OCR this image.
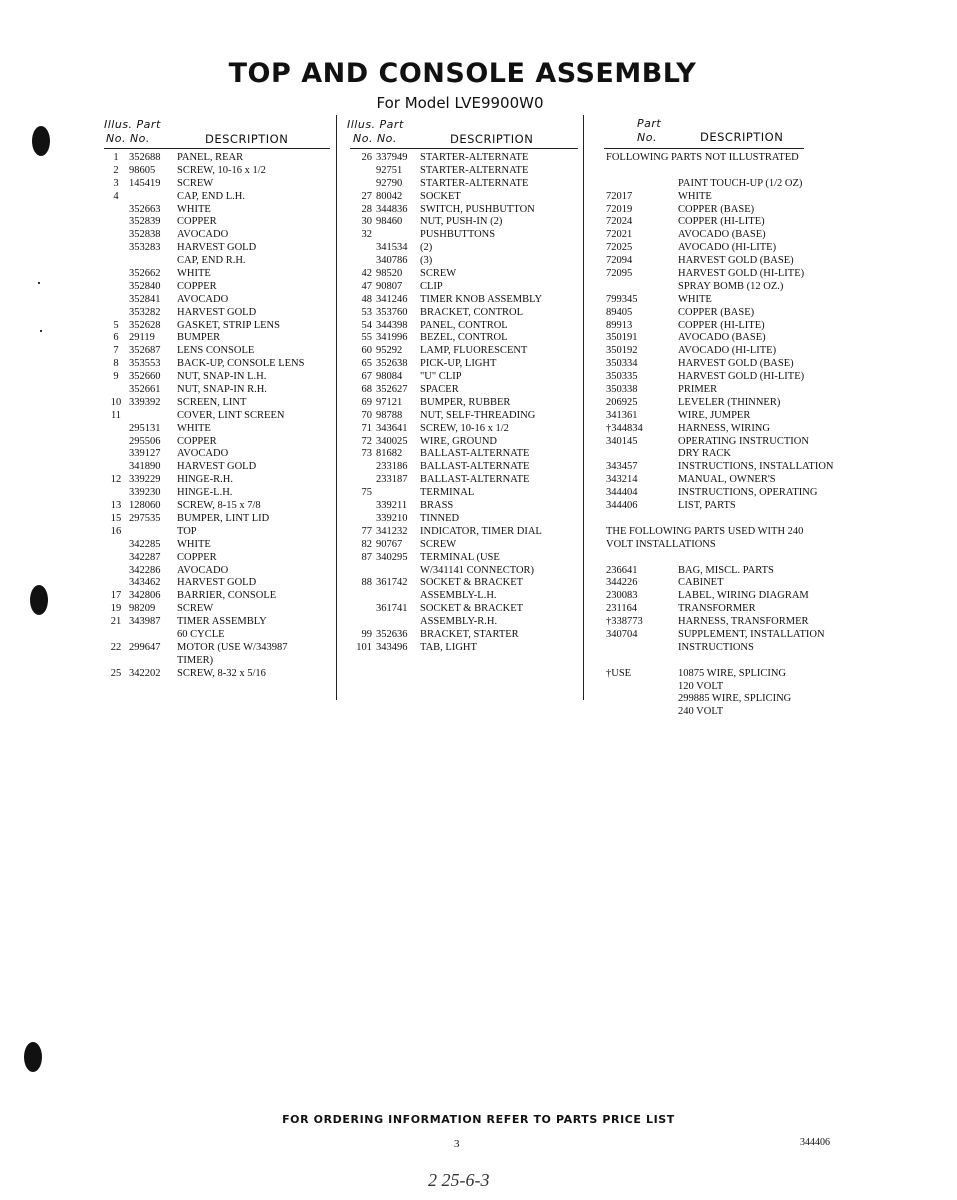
TOP AND CONSOLE ASSEMBLY
For Model LVE9900W0
Illus. Part
No. No.	DESCRIPTION
Illus. Part
No. No.	DESCRIPTION
Part
No.	DESCRIPTION
1 352688 PANEL, REAR
2 98605 SCREW, 10-16 x 1/2
3 145419 SCREW
4	CAP, END L.H.
352663 WHITE
352839 COPPER
352838 AVOCADO
353283 HARVEST GOLD
CAP, END R.H.
352662 WHITE
352840 COPPER
352841 AVOCADO
353282 HARVEST GOLD
5 352628 GASKET, STRIP LENS
6 29119 BUMPER
7 352687 LENS CONSOLE
8 353553 BACK-UP, CONSOLE LENS
9 352660 NUT, SNAP-IN L.H.
352661 NUT, SNAP-IN R.H.
10 339392 SCREEN, LINT
11	COVER, LINT SCREEN
295131 WHITE
295506 COPPER
339127 AVOCADO
341890 HARVEST GOLD
12 339229 HINGE-R.H.
339230 HINGE-L.H.
13 128060 SCREW, 8-15 x 7/8
15 297535 BUMPER, LINT LID
16	TOP
342285 WHITE
342287 COPPER
342286 AVOCADO
343462 HARVEST GOLD
17 342806 BARRIER, CONSOLE
19 98209 SCREW
21 343987 TIMER ASSEMBLY
60 CYCLE
22 299647 MOTOR (USE W/343987
TIMER)
25 342202 SCREW, 8-32 x 5/16
26 337949 STARTER-ALTERNATE
92751 STARTER-ALTERNATE
92790 STARTER-ALTERNATE
27 80042 SOCKET
28 344836 SWITCH, PUSHBUTTON
30 98460 NUT, PUSH-IN (2)
32	PUSHBUTTONS
341534 (2)
340786 (3)
42 98520 SCREW
47 90807 CLIP
48 341246 TIMER KNOB ASSEMBLY
53 353760 BRACKET, CONTROL
54 344398 PANEL, CONTROL
55 341996 BEZEL, CONTROL
60 95292 LAMP, FLUORESCENT
65 352638 PICK-UP, LIGHT
67 98084 "U" CLIP
68 352627 SPACER
69 97121 BUMPER, RUBBER
70 98788 NUT, SELF-THREADING
71 343641 SCREW, 10-16 x 1/2
72 340025 WIRE, GROUND
73 81682 BALLAST-ALTERNATE
233186 BALLAST-ALTERNATE
233187 BALLAST-ALTERNATE
75	TERMINAL
339211 BRASS
339210 TINNED
77 341232 INDICATOR, TIMER DIAL
82 90767 SCREW
87 340295 TERMINAL (USE
W/341141 CONNECTOR)
88 361742 SOCKET & BRACKET
ASSEMBLY-L.H.
361741 SOCKET & BRACKET
ASSEMBLY-R.H.
99 352636 BRACKET, STARTER
101 343496 TAB, LIGHT
FOLLOWING PARTS NOT ILLUSTRATED
PAINT TOUCH-UP (1/2 OZ)
72017	WHITE
72019	COPPER (BASE)
72024	COPPER (HI-LITE)
72021	AVOCADO (BASE)
72025	AVOCADO (HI-LITE)
72094	HARVEST GOLD (BASE)
72095	HARVEST GOLD (HI-LITE)
SPRAY BOMB (12 OZ.)
799345	WHITE
89405	COPPER (BASE)
89913	COPPER (HI-LITE)
350191	AVOCADO (BASE)
350192	AVOCADO (HI-LITE)
350334	HARVEST GOLD (BASE)
350335	HARVEST GOLD (HI-LITE)
350338	PRIMER
206925	LEVELER (THINNER)
341361	WIRE, JUMPER
†344834	HARNESS, WIRING
340145	OPERATING INSTRUCTION
DRY RACK
343457	INSTRUCTIONS, INSTALLATION
343214	MANUAL, OWNER'S
344404	INSTRUCTIONS, OPERATING
344406	LIST, PARTS
THE FOLLOWING PARTS USED WITH 240
VOLT INSTALLATIONS
236641	BAG, MISCL. PARTS
344226	CABINET
230083	LABEL, WIRING DIAGRAM
231164	TRANSFORMER
†338773	HARNESS, TRANSFORMER
340704	SUPPLEMENT, INSTALLATION
INSTRUCTIONS
†USE	10875 WIRE, SPLICING
120 VOLT
299885 WIRE, SPLICING
240 VOLT
FOR ORDERING INFORMATION REFER TO PARTS PRICE LIST
3	344406
2 25-6-3
